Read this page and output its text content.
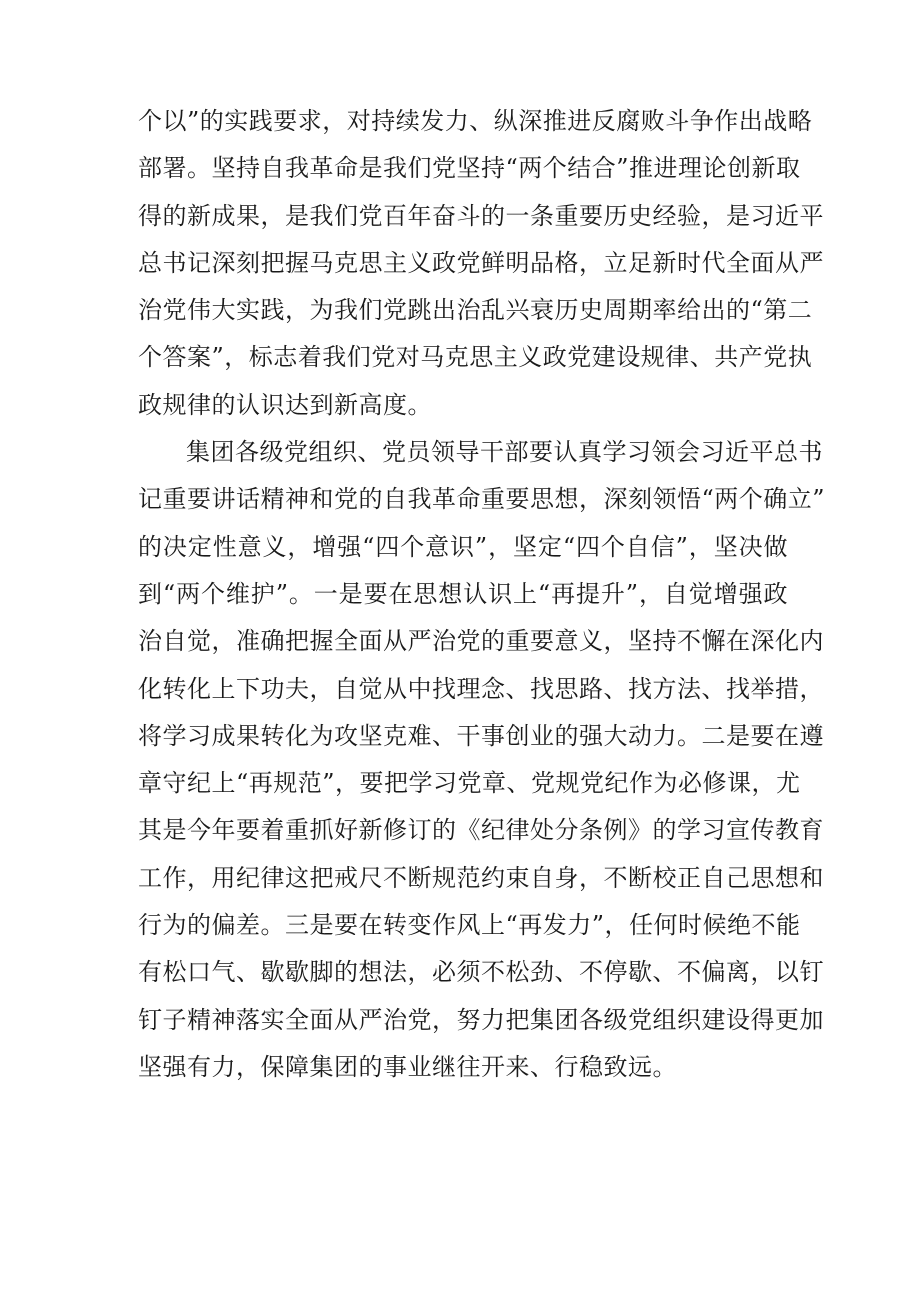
个以”的实践要求，对持续发力、纵深推进反腐败斗争作出战略
部署。坚持自我革命是我们党坚持“两个结合”推进理论创新取
得的新成果，是我们党百年奋斗的一条重要历史经验，是习近平
总书记深刻把握马克思主义政党鲜明品格，立足新时代全面从严
治党伟大实践，为我们党跳出治乱兴衰历史周期率给出的“第二
个答案”，标志着我们党对马克思主义政党建设规律、共产党执
政规律的认识达到新高度。
集团各级党组织、党员领导干部要认真学习领会习近平总书
记重要讲话精神和党的自我革命重要思想，深刻领悟“两个确立”
的决定性意义，增强“四个意识”，坚定“四个自信”，坚决做
到“两个维护”。一是要在思想认识上“再提升”，自觉增强政
治自觉，准确把握全面从严治党的重要意义，坚持不懈在深化内
化转化上下功夫，自觉从中找理念、找思路、找方法、找举措，
将学习成果转化为攻坚克难、干事创业的强大动力。二是要在遵
章守纪上“再规范”，要把学习党章、党规党纪作为必修课，尤
其是今年要着重抓好新修订的《纪律处分条例》的学习宣传教育
工作，用纪律这把戒尺不断规范约束自身，不断校正自己思想和
行为的偏差。三是要在转变作风上“再发力”，任何时候绝不能
有松口气、歇歇脚的想法，必须不松劲、不停歇、不偏离，以钉
钉子精神落实全面从严治党，努力把集团各级党组织建设得更加
坚强有力，保障集团的事业继往开来、行稳致远。
